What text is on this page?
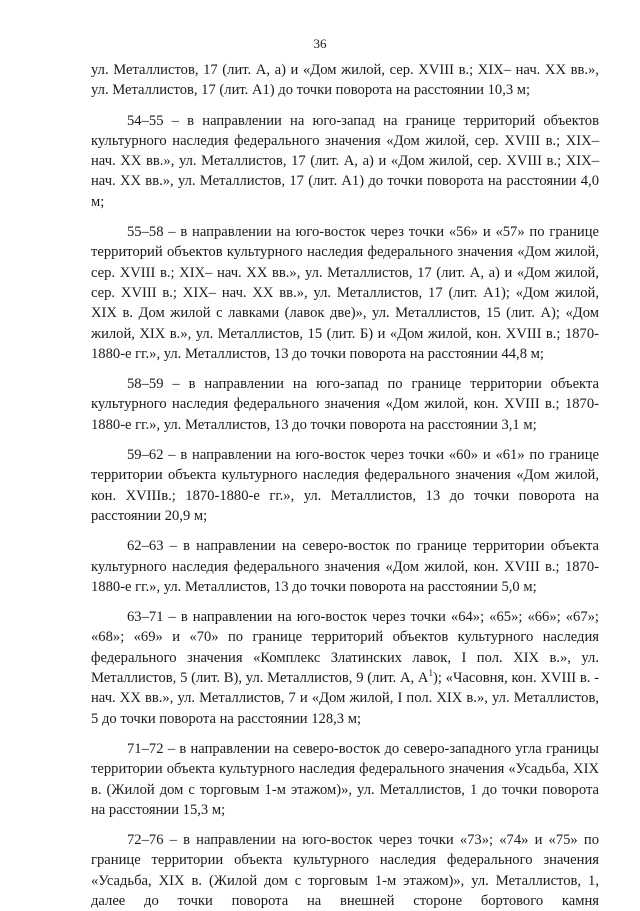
36

ул. Металлистов, 17 (лит. А, а) и «Дом жилой, сер. XVIII в.; XIX– нач. XX вв.», ул. Металлистов, 17 (лит. А1) до точки поворота на расстоянии 10,3 м;

54–55 – в направлении на юго-запад на границе территорий объектов культурного наследия федерального значения «Дом жилой, сер. XVIII в.; XIX– нач. XX вв.», ул. Металлистов, 17 (лит. А, а) и «Дом жилой, сер. XVIII в.; XIX– нач. XX вв.», ул. Металлистов, 17 (лит. А1) до точки поворота на расстоянии 4,0 м;

55–58 – в направлении на юго-восток через точки «56» и «57» по границе территорий объектов культурного наследия федерального значения «Дом жилой, сер. XVIII в.; XIX– нач. XX вв.», ул. Металлистов, 17 (лит. А, а) и «Дом жилой, сер. XVIII в.; XIX– нач. XX вв.», ул. Металлистов, 17 (лит. А1); «Дом жилой, XIX в. Дом жилой с лавками (лавок две)», ул. Металлистов, 15 (лит. А); «Дом жилой, XIX в.», ул. Металлистов, 15 (лит. Б) и «Дом жилой, кон. XVIII в.; 1870-1880-е гг.», ул. Металлистов, 13 до точки поворота на расстоянии 44,8 м;

58–59 – в направлении на юго-запад по границе территории объекта культурного наследия федерального значения «Дом жилой, кон. XVIII в.; 1870-1880-е гг.», ул. Металлистов, 13 до точки поворота на расстоянии 3,1 м;

59–62 – в направлении на юго-восток через точки «60» и «61» по границе территории объекта культурного наследия федерального значения «Дом жилой, кон. XVIIIв.; 1870-1880-е гг.», ул. Металлистов, 13 до точки поворота на расстоянии 20,9 м;

62–63 – в направлении на северо-восток по границе территории объекта культурного наследия федерального значения «Дом жилой, кон. XVIII в.; 1870-1880-е гг.», ул. Металлистов, 13 до точки поворота на расстоянии 5,0 м;

63–71 – в направлении на юго-восток через точки «64»; «65»; «66»; «67»; «68»; «69» и «70» по границе территорий объектов культурного наследия федерального значения «Комплекс Златинских лавок, I пол. XIX в.», ул. Металлистов, 5 (лит. В), ул. Металлистов, 9 (лит. А, $А^1$); «Часовня, кон. XVIII в. - нач. XX вв.», ул. Металлистов, 7 и «Дом жилой, I пол. XIX в.», ул. Металлистов, 5 до точки поворота на расстоянии 128,3 м;

71–72 – в направлении на северо-восток до северо-западного угла границы территории объекта культурного наследия федерального значения «Усадьба, XIX в. (Жилой дом с торговым 1-м этажом)», ул. Металлистов, 1 до точки поворота на расстоянии 15,3 м;

72–76 – в направлении на юго-восток через точки «73»; «74» и «75» по границе территории объекта культурного наследия федерального значения «Усадьба, XIX в. (Жилой дом с торговым 1-м этажом)», ул. Металлистов, 1, далее до точки поворота на внешней стороне бортового камня
